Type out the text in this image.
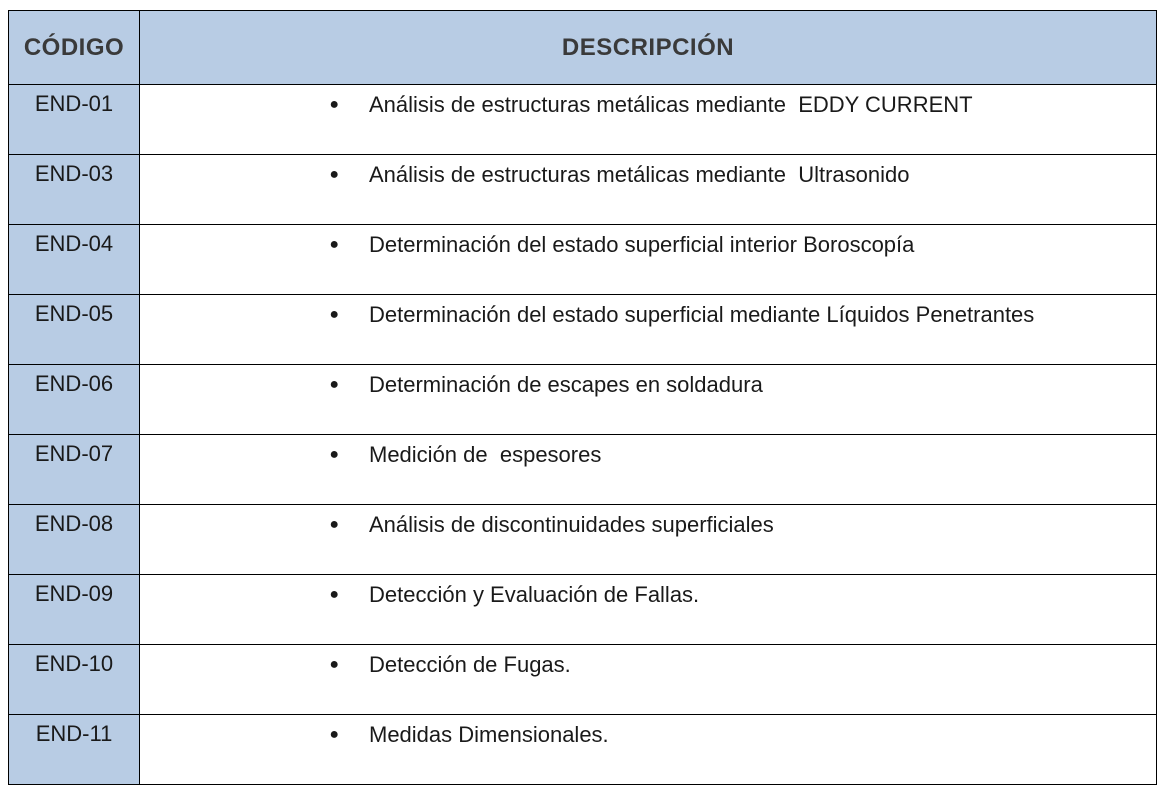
CÓDIGO	DESCRIPCIÓN
END-01	● Análisis de estructuras metálicas mediante  EDDY CURRENT

END-03	● Análisis de estructuras metálicas mediante  Ultrasonido

END-04	● Determinación del estado superficial interior Boroscopía

END-05	● Determinación del estado superficial mediante Líquidos Penetrantes

END-06	● Determinación de escapes en soldadura

END-07	● Medición de  espesores

END-08	● Análisis de discontinuidades superficiales

END-09	● Detección y Evaluación de Fallas.

END-10	● Detección de Fugas.

END-11	● Medidas Dimensionales.
